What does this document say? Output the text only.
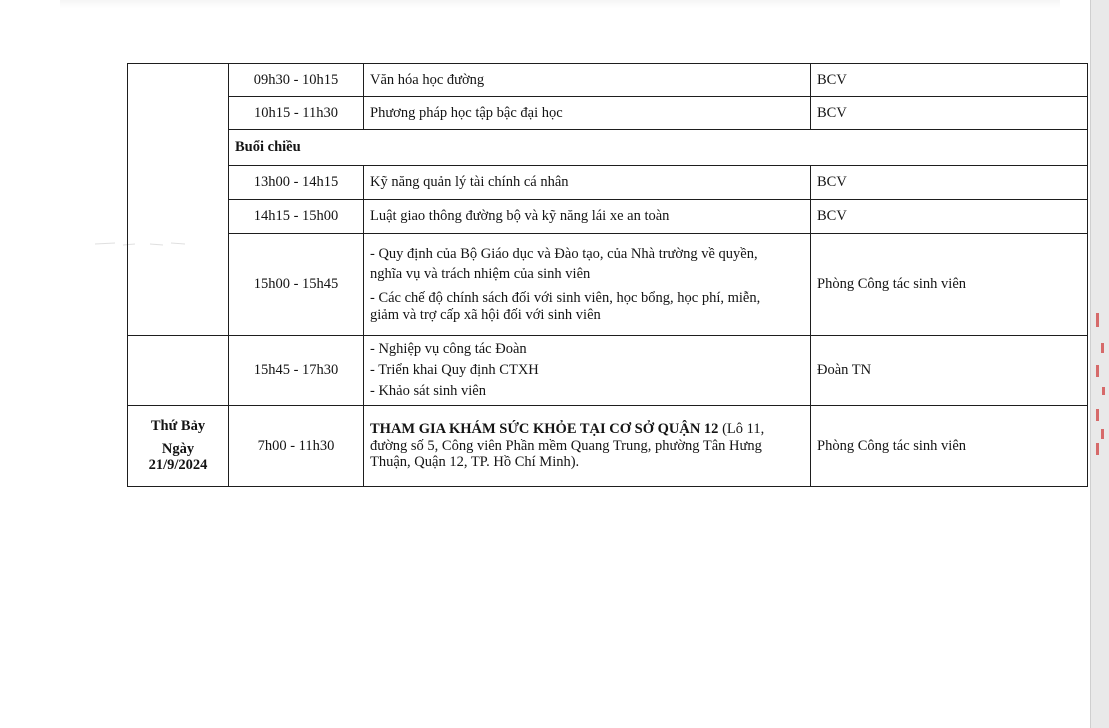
	09h30 - 10h15	Văn hóa học đường	BCV
	10h15 - 11h30	Phương pháp học tập bậc đại học	BCV
	Buổi chiều		
	13h00 - 14h15	Kỹ năng quản lý tài chính cá nhân	BCV
	14h15 - 15h00	Luật giao thông đường bộ và kỹ năng lái xe an toàn	BCV
	15h00 - 15h45	- Quy định của Bộ Giáo dục và Đào tạo, của Nhà trường về quyền,
nghĩa vụ và trách nhiệm của sinh viên
- Các chế độ chính sách đối với sinh viên, học bổng, học phí, miễn,
giảm và trợ cấp xã hội đối với sinh viên	Phòng Công tác sinh viên
	15h45 - 17h30	- Nghiệp vụ công tác Đoàn
- Triển khai Quy định CTXH
- Khảo sát sinh viên	Đoàn TN

Thứ Bảy
Ngày
21/9/2024	7h00 - 11h30	THAM GIA KHÁM SỨC KHỎE TẠI CƠ SỞ QUẬN 12 (Lô 11,
đường số 5, Công viên Phần mềm Quang Trung, phường Tân Hưng
Thuận, Quận 12, TP. Hồ Chí Minh).	Phòng Công tác sinh viên
